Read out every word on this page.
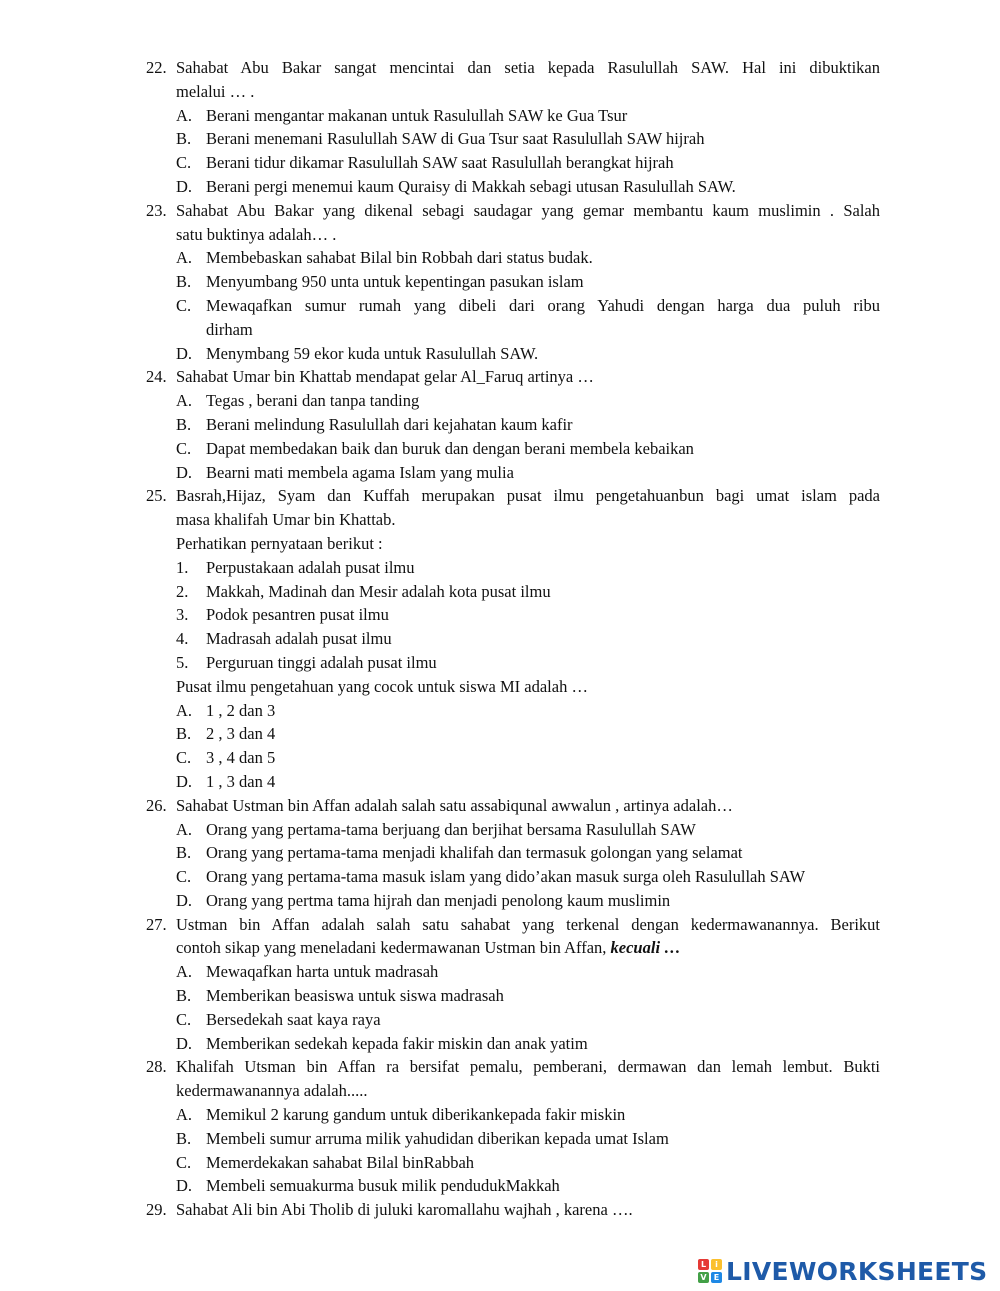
22. Sahabat Abu Bakar sangat mencintai dan setia kepada Rasulullah SAW. Hal ini dibuktikan
melalui … .
A. Berani mengantar makanan untuk Rasulullah SAW ke Gua Tsur
B. Berani menemani Rasulullah SAW di Gua Tsur saat Rasulullah SAW hijrah
C. Berani tidur dikamar Rasulullah SAW saat Rasulullah berangkat hijrah
D. Berani pergi menemui kaum Quraisy di Makkah sebagi utusan Rasulullah SAW.
23. Sahabat Abu Bakar yang dikenal sebagi saudagar yang gemar membantu kaum muslimin . Salah
satu buktinya adalah… .
A. Membebaskan sahabat Bilal bin Robbah dari status budak.
B. Menyumbang 950 unta untuk kepentingan pasukan islam
C. Mewaqafkan sumur rumah yang dibeli dari orang Yahudi dengan harga dua puluh ribu
dirham
D. Menymbang 59 ekor kuda untuk Rasulullah SAW.
24. Sahabat Umar bin Khattab mendapat gelar Al_Faruq artinya …
A. Tegas , berani dan tanpa tanding
B. Berani melindung Rasulullah dari kejahatan kaum kafir
C. Dapat membedakan baik dan buruk dan dengan berani membela kebaikan
D. Bearni mati membela agama Islam yang mulia
25. Basrah,Hijaz, Syam dan Kuffah merupakan pusat ilmu pengetahuanbun bagi umat islam pada
masa khalifah Umar bin Khattab.
Perhatikan pernyataan berikut :
1. Perpustakaan adalah pusat ilmu
2. Makkah, Madinah dan Mesir adalah kota pusat ilmu
3. Podok pesantren pusat ilmu
4. Madrasah adalah pusat ilmu
5. Perguruan tinggi adalah pusat ilmu
Pusat ilmu pengetahuan yang cocok untuk siswa MI adalah …
A. 1 , 2 dan 3
B. 2 , 3 dan 4
C. 3 , 4 dan 5
D. 1 , 3 dan 4
26. Sahabat Ustman bin Affan adalah salah satu assabiqunal awwalun , artinya adalah…
A. Orang yang pertama-tama berjuang dan berjihat bersama Rasulullah SAW
B. Orang yang pertama-tama menjadi khalifah dan termasuk golongan yang selamat
C. Orang yang pertama-tama masuk islam yang dido’akan masuk surga oleh Rasulullah SAW
D. Orang yang pertma tama hijrah dan menjadi penolong kaum muslimin
27. Ustman bin Affan adalah salah satu sahabat yang terkenal dengan kedermawanannya. Berikut
contoh sikap yang meneladani kedermawanan Ustman bin Affan, kecuali …
A. Mewaqafkan harta untuk madrasah
B. Memberikan beasiswa untuk siswa madrasah
C. Bersedekah saat kaya raya
D. Memberikan sedekah kepada fakir miskin dan anak yatim
28. Khalifah Utsman bin Affan ra bersifat pemalu, pemberani, dermawan dan lemah lembut. Bukti
kedermawanannya adalah.....
A. Memikul 2 karung gandum untuk diberikankepada fakir miskin
B. Membeli sumur arruma milik yahudidan diberikan kepada umat Islam
C. Memerdekakan sahabat Bilal binRabbah
D. Membeli semuakurma busuk milik pendudukMakkah
29. Sahabat Ali bin Abi Tholib di juluki karomallahu wajhah , karena ….
L	i
V E LIVEWORKSHEETS
